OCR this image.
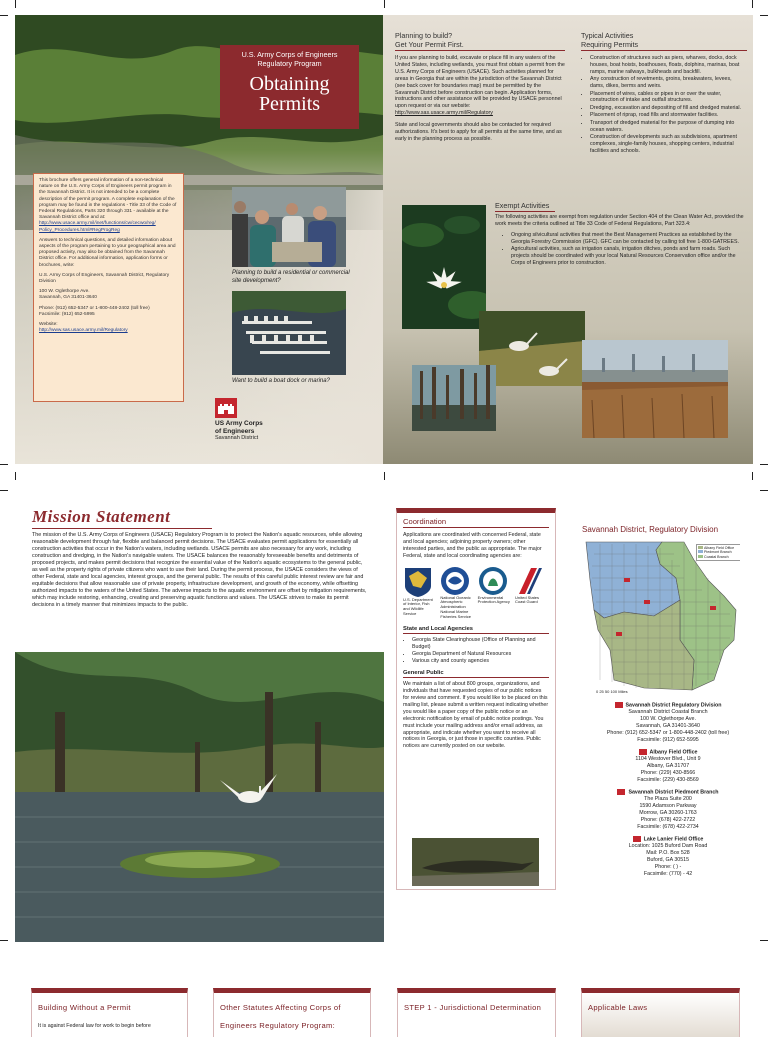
U.S. Army Corps of Engineers
Regulatory Program
Obtaining
Permits
This brochure offers general information of a non-technical nature on the U.S. Army Corps of Engineers permit program in the Savannah District. It is not intended to be a complete description of the permit program. A complete explanation of the program may be found in the regulations - Title 33 of the Code of Federal Regulations, Parts 320 through 331 - available at the Savannah District office and at:
http://www.usace.army.mil/inet/functions/cw/cecwo/reg/ Policy_Procedures.html#RegProgReg
Answers to technical questions, and detailed information about aspects of the program pertaining to your geographical area and proposed activity, may also be obtained from the Savannah District office. For additional information, application forms or brochures, write:
U.S. Army Corps of Engineers, Savannah District, Regulatory Division
100 W. Oglethorpe Ave.
Savannah, GA 31401-3640
Phone: (912) 652-5347 or 1-800-448-2402 (toll free)
Facsimile: (912) 652-5995
Website:
http://www.sas.usace.army.mil/Regulatory
Planning to build a residential or commercial site development?
Want to build a boat dock or marina?
US Army Corps
of Engineers
Savannah District
Planning to build?
Get Your Permit First.
If you are planning to build, excavate or place fill in any waters of the United States, including wetlands, you must first obtain a permit from the U.S. Army Corps of Engineers (USACE). Such activities planned for areas in Georgia that are within the jurisdiction of the Savannah District (see back cover for boundaries map) must be permitted by the Savannah District before construction can begin. Application forms, instructions and other assistance will be provided by USACE personnel upon request or via our website:
http://www.sas.usace.army.mil/Regulatory
State and local governments should also be contacted for required authorizations. It's best to apply for all permits at the same time, and as early in the planning process as possible.
Typical Activities
Requiring Permits
• Construction of structures such as piers, wharves, docks, dock houses, boat hoists, boathouses, floats, dolphins, marinas, boat ramps, marine railways, bulkheads and backfill.
• Any construction of revetments, groins, breakwaters, levees, dams, dikes, berms and weirs.
• Placement of wires, cables or pipes in or over the water, construction of intake and outfall structures.
• Dredging, excavation and depositing of fill and dredged material.
• Placement of riprap, road fills and stormwater facilities.
• Transport of dredged material for the purpose of dumping into ocean waters.
• Construction of developments such as subdivisions, apartment complexes, single-family houses, shopping centers, industrial facilities and schools.
Exempt Activities
The following activities are exempt from regulation under Section 404 of the Clean Water Act, provided the work meets the criteria outlined at Title 33 Code of Federal Regulations, Part 323.4:
• Ongoing silvicultural activities that meet the Best Management Practices as established by the Georgia Forestry Commission (GFC). GFC can be contacted by calling toll free 1-800-GATREES.
• Agricultural activities, such as irrigation canals, irrigation ditches, ponds and farm roads. Such projects should be coordinated with your local Natural Resources Conservation office and/or the Corps of Engineers prior to construction.
Mission Statement
The mission of the U.S. Army Corps of Engineers (USACE) Regulatory Program is to protect the Nation's aquatic resources, while allowing reasonable development through fair, flexible and balanced permit decisions. The USACE evaluates permit applications for essentially all construction activities that occur in the Nation's waters, including wetlands. USACE permits are also necessary for any work, including construction and dredging, in the Nation's navigable waters. The USACE balances the reasonably foreseeable benefits and detriments of proposed projects, and makes permit decisions that recognize the essential value of the Nation's aquatic ecosystems to the general public, as well as the property rights of private citizens who want to use their land. During the permit process, the USACE considers the views of other Federal, state and local agencies, interest groups, and the general public. The results of this careful public interest review are fair and equitable decisions that allow reasonable use of private property, infrastructure development, and growth of the economy, while offsetting authorized impacts to the waters of the United States. The adverse impacts to the aquatic environment are offset by mitigation requirements, which may include restoring, enhancing, creating and preserving aquatic functions and values. The USACE strives to make its permit decisions in a timely manner that minimizes impacts to the public.
Coordination
Applications are coordinated with concerned Federal, state and local agencies; adjoining property owners; other interested parties, and the public as appropriate. The major Federal, state and local coordinating agencies are:
U.S. Department of Interior, Fish and Wildlife Service
National Oceanic Atmospheric Administration National Marine Fisheries Service
Environmental Protection Agency
United States Coast Guard
State and Local Agencies
• Georgia State Clearinghouse (Office of Planning and Budget)
• Georgia Department of Natural Resources
• Various city and county agencies
General Public
We maintain a list of about 800 groups, organizations, and individuals that have requested copies of our public notices for review and comment. If you would like to be placed on this mailing list, please submit a written request indicating whether you would like a paper copy of the public notice or an electronic notification by email of public notice postings. You must include your mailing address and/or email address, as appropriate, and indicate whether you want to receive all notices in Georgia, or just those in specific counties. Public notices are currently posted on our website.
Savannah District, Regulatory Division
Albany Field Office
Piedmont Branch
Coastal Branch
0 25 50 100 Miles
Savannah District Regulatory Division
Savannah District Coastal Branch
100 W. Oglethorpe Ave.
Savannah, GA 31401-3640
Phone: (912) 652-5347 or 1-800-448-2402 (toll free)
Facsimile: (912) 652-5995
Albany Field Office
1104 Westover Blvd., Unit 9
Albany, GA 31707
Phone: (229) 430-8566
Facsimile: (229) 430-8569
Savannah District Piedmont Branch
The Plaza Suite 200
1590 Adamson Parkway
Morrow, GA 30260-1763
Phone: (678) 422-2722
Facsimile: (678) 422-2734
Lake Lanier Field Office
Location: 1025 Buford Dam Road
Mail: P.O. Box 528
Buford, GA 30515
Phone: ( ) -
Facsimile: (770) - 42
Building Without a Permit
It is against Federal law for work to begin before
Other Statutes Affecting Corps of Engineers Regulatory Program:
STEP 1 - Jurisdictional Determination	Applicable Laws
